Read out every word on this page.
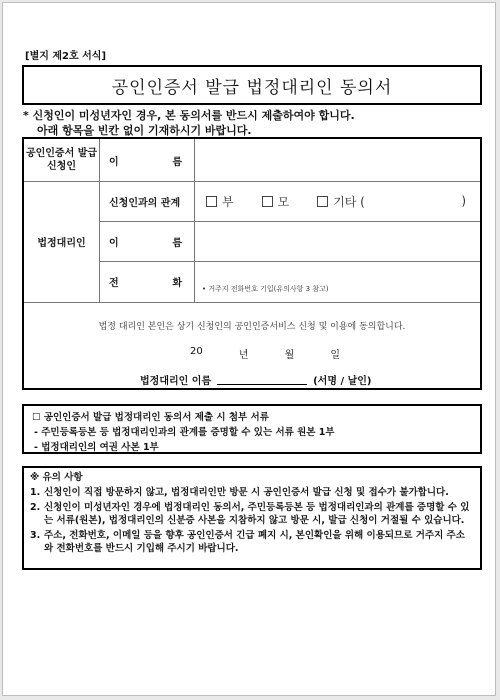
[별지 제2호 서식]
공인인증서 발급 법정대리인 동의서
* 신청인이 미성년자인 경우, 본 동의서를 반드시 제출하여야 합니다.
아래 항목을 빈칸 없이 기재하시기 바랍니다.
공인인증서 발급 신청인	이	름
법정대리인
신청인과의 관계	부	모	기타 (	)
이	름
전	화	• 거주지 전화번호 기입(유의사항 3 참고)
법정 대리인 본인은 상기 신청인의 공인인증서비스 신청 및 이용에 동의합니다.
20	년	월	일
법정대리인 이름	(서명 / 날인)
☐ 공인인증서 발급 법정대리인 동의서 제출 시 첨부 서류
- 주민등록등본 등 법정대리인과의 관계를 증명할 수 있는 서류 원본 1부
- 법정대리인의 여권 사본 1부
※ 유의 사항
1. 신청인이 직접 방문하지 않고, 법정대리인만 방문 시 공인인증서 발급 신청 및 접수가 불가합니다.
2. 신청인이 미성년자인 경우에 법정대리인 동의서, 주민등록등본 등 법정대리인과의 관계를 증명할 수 있는 서류(원본), 법정대리인의 신분증 사본을 지참하지 않고 방문 시, 발급 신청이 거절될 수 있습니다.
3. 주소, 전화번호, 이메일 등을 향후 공인인증서 긴급 폐지 시, 본인확인을 위해 이용되므로 거주지 주소와 전화번호를 반드시 기입해 주시기 바랍니다.
